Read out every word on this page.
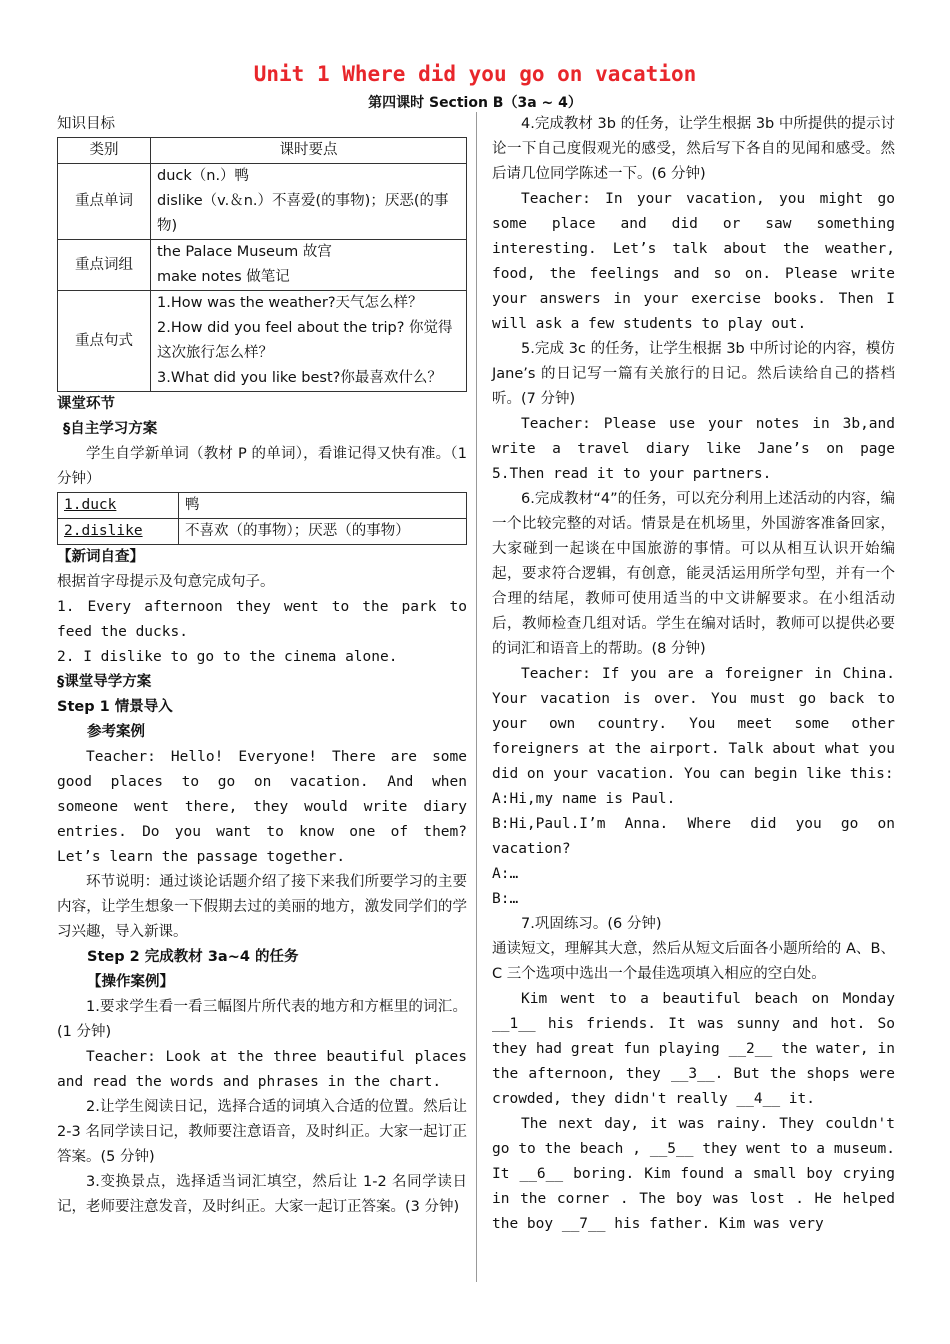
Unit 1 Where did you go on vacation
第四课时 Section B（3a ~ 4）

知识目标

类别	课时要点
重点单词	duck（n.）鸭
dislike（v.＆n.）不喜爱(的事物)；厌恶(的事物)

重点词组	the Palace Museum 故宫
make notes 做笔记

重点句式	1.How was the weather?天气怎么样？
2.How did you feel about the trip? 你觉得这次旅行怎么样？
3.What did you like best?你最喜欢什么？

课堂环节

§自主学习方案

学生自学新单词（教材 P 的单词），看谁记得又快有准。（1 分钟）

1.duck	鸭
2.dislike	不喜欢（的事物）；厌恶（的事物）

【新词自查】

根据首字母提示及句意完成句子。

1. Every afternoon they went to the park to feed the ducks.

2. I dislike to go to the cinema alone.

§课堂导学方案

Step 1 情景导入

参考案例

Teacher: Hello! Everyone! There are some good places to go on vacation. And when someone went there, they would write diary entries. Do you want to know one of them? Let’s learn the passage together.

环节说明：通过谈论话题介绍了接下来我们所要学习的主要内容，让学生想象一下假期去过的美丽的地方，激发同学们的学习兴趣，导入新课。

Step 2 完成教材 3a~4 的任务

【操作案例】

1.要求学生看一看三幅图片所代表的地方和方框里的词汇。(1 分钟)

Teacher: Look at the three beautiful places and read the words and phrases in the chart.

2.让学生阅读日记，选择合适的词填入合适的位置。然后让 2-3 名同学读日记，教师要注意语音，及时纠正。大家一起订正答案。(5 分钟)

3.变换景点，选择适当词汇填空，然后让 1-2 名同学读日记，老师要注意发音，及时纠正。大家一起订正答案。(3 分钟)

4.完成教材 3b 的任务，让学生根据 3b 中所提供的提示讨论一下自己度假观光的感受，然后写下各自的见闻和感受。然后请几位同学陈述一下。(6 分钟)

Teacher: In your vacation, you might go some place and did or saw something interesting. Let’s talk about the weather, food, the feelings and so on. Please write your answers in your exercise books. Then I will ask a few students to play out.

5.完成 3c 的任务，让学生根据 3b 中所讨论的内容，模仿 Jane’s 的日记写一篇有关旅行的日记。然后读给自己的搭档听。(7 分钟)

Teacher: Please use your notes in 3b,and write a travel diary like Jane’s on page 5.Then read it to your partners.

6.完成教材“4”的任务，可以充分利用上述活动的内容，编一个比较完整的对话。情景是在机场里，外国游客准备回家，大家碰到一起谈在中国旅游的事情。可以从相互认识开始编起，要求符合逻辑，有创意，能灵活运用所学句型，并有一个合理的结尾，教师可使用适当的中文讲解要求。在小组活动后，教师检查几组对话。学生在编对话时，教师可以提供必要的词汇和语音上的帮助。(8 分钟)

Teacher: If you are a foreigner in China. Your vacation is over. You must go back to your own country. You meet some other foreigners at the airport. Talk about what you did on your vacation. You can begin like this:

A:Hi,my name is Paul.

B:Hi,Paul.I’m Anna. Where did you go on vacation?

A:…

B:…

7.巩固练习。(6 分钟)

通读短文，理解其大意，然后从短文后面各小题所给的 A、B、C 三个选项中选出一个最佳选项填入相应的空白处。

Kim went to a beautiful beach on Monday __1__ his friends. It was sunny and hot. So they had great fun playing __2__ the water, in the afternoon, they __3__. But the shops were crowded, they didn't really __4__ it.

The next day, it was rainy. They couldn't go to the beach , __5__ they went to a museum. It __6__ boring. Kim found a small boy crying in the corner . The boy was lost . He helped the boy __7__ his father. Kim was very
